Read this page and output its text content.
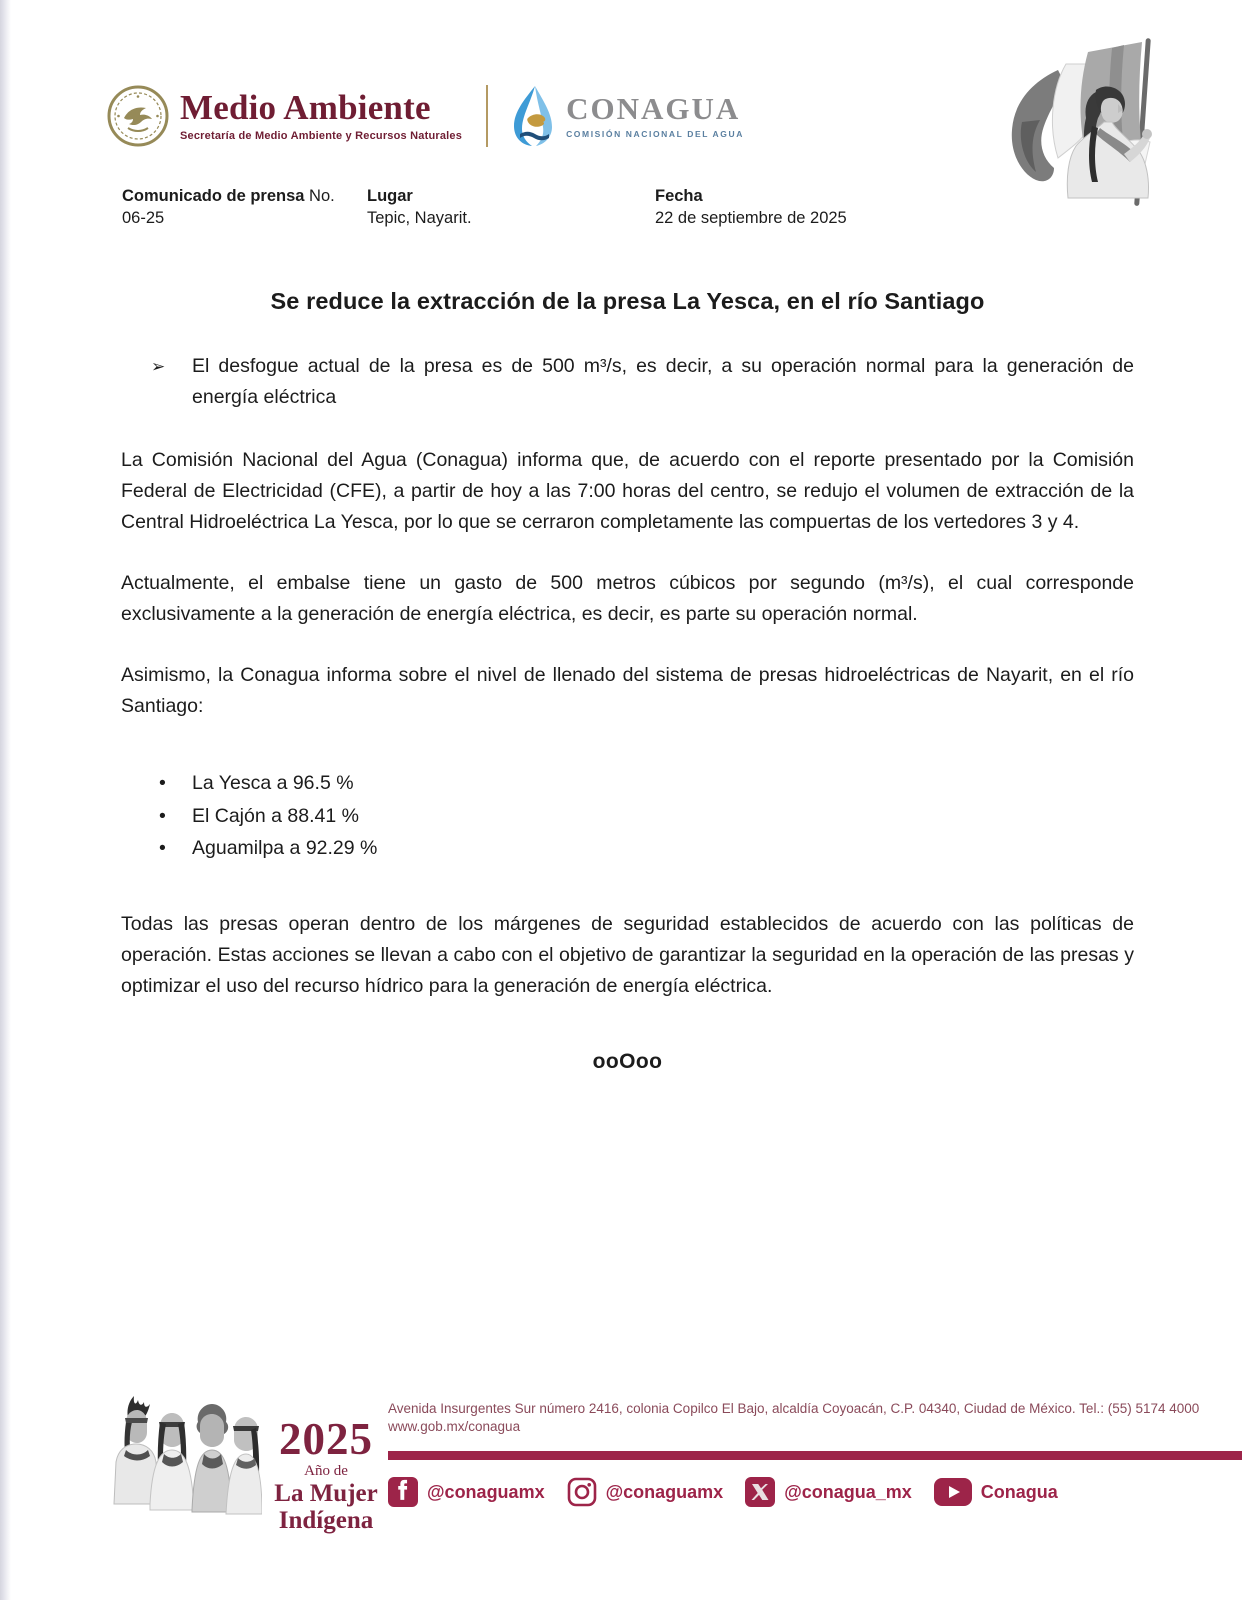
Medio Ambiente
Secretaría de Medio Ambiente y Recursos Naturales
CONAGUA
COMISIÓN NACIONAL DEL AGUA
Comunicado de prensa No.
06-25
Lugar
Tepic, Nayarit.
Fecha
22 de septiembre de 2025
Se reduce la extracción de la presa La Yesca, en el río Santiago
➢	El desfogue actual de la presa es de 500 m³/s, es decir, a su operación normal para la generación de energía eléctrica

La Comisión Nacional del Agua (Conagua) informa que, de acuerdo con el reporte presentado por la Comisión Federal de Electricidad (CFE), a partir de hoy a las 7:00 horas del centro, se redujo el volumen de extracción de la Central Hidroeléctrica La Yesca, por lo que se cerraron completamente las compuertas de los vertedores 3 y 4.

Actualmente, el embalse tiene un gasto de 500 metros cúbicos por segundo (m³/s), el cual corresponde exclusivamente a la generación de energía eléctrica, es decir, es parte su operación normal.

Asimismo, la Conagua informa sobre el nivel de llenado del sistema de presas hidroeléctricas de Nayarit, en el río Santiago:

• La Yesca a 96.5 %
• El Cajón a 88.41 %
• Aguamilpa a 92.29 %

Todas las presas operan dentro de los márgenes de seguridad establecidos de acuerdo con las políticas de operación. Estas acciones se llevan a cabo con el objetivo de garantizar la seguridad en la operación de las presas y optimizar el uso del recurso hídrico para la generación de energía eléctrica.

ooOoo
2025
Año de
La Mujer
Indígena
Avenida Insurgentes Sur número 2416, colonia Copilco El Bajo, alcaldía Coyoacán, C.P. 04340, Ciudad de México. Tel.: (55) 5174 4000
www.gob.mx/conagua
@conaguamx	@conaguamx	@conagua_mx	Conagua
